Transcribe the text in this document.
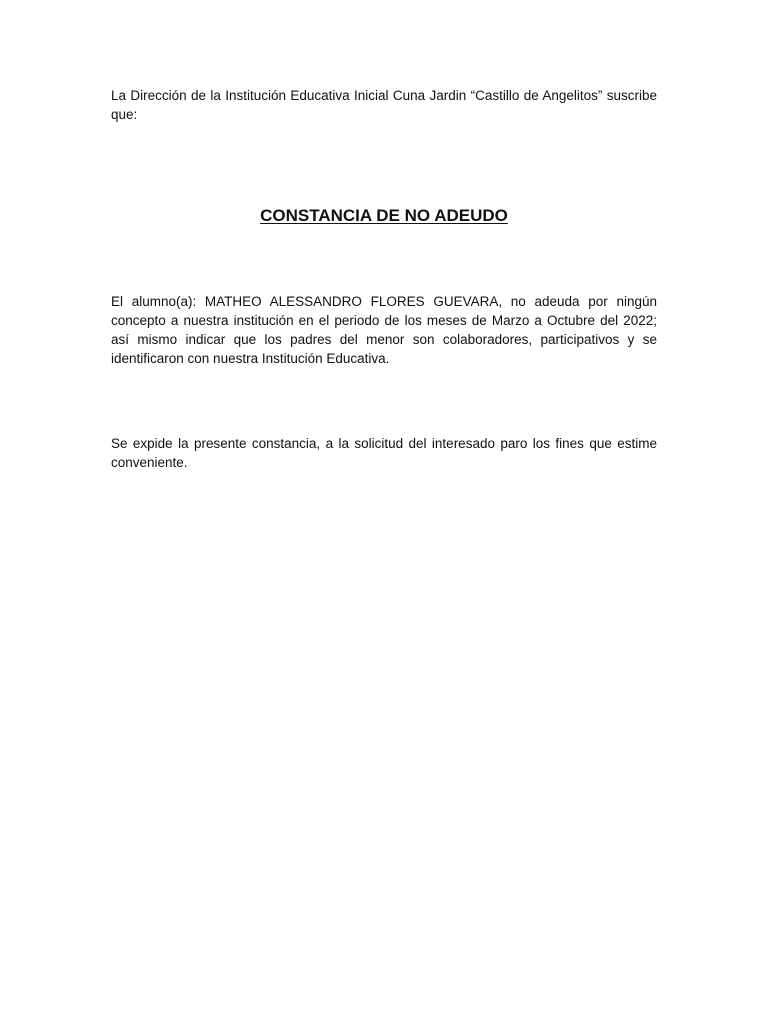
La Dirección de la Institución Educativa Inicial Cuna Jardin “Castillo de Angelitos” suscribe que:

CONSTANCIA DE NO ADEUDO

El alumno(a): MATHEO ALESSANDRO FLORES GUEVARA, no adeuda por ningún concepto a nuestra institución en el periodo de los meses de Marzo a Octubre del 2022; así mismo indicar que los padres del menor son colaboradores, participativos y se identificaron con nuestra Institución Educativa.

Se expide la presente constancia, a la solicitud del interesado paro los fines que estime conveniente.
